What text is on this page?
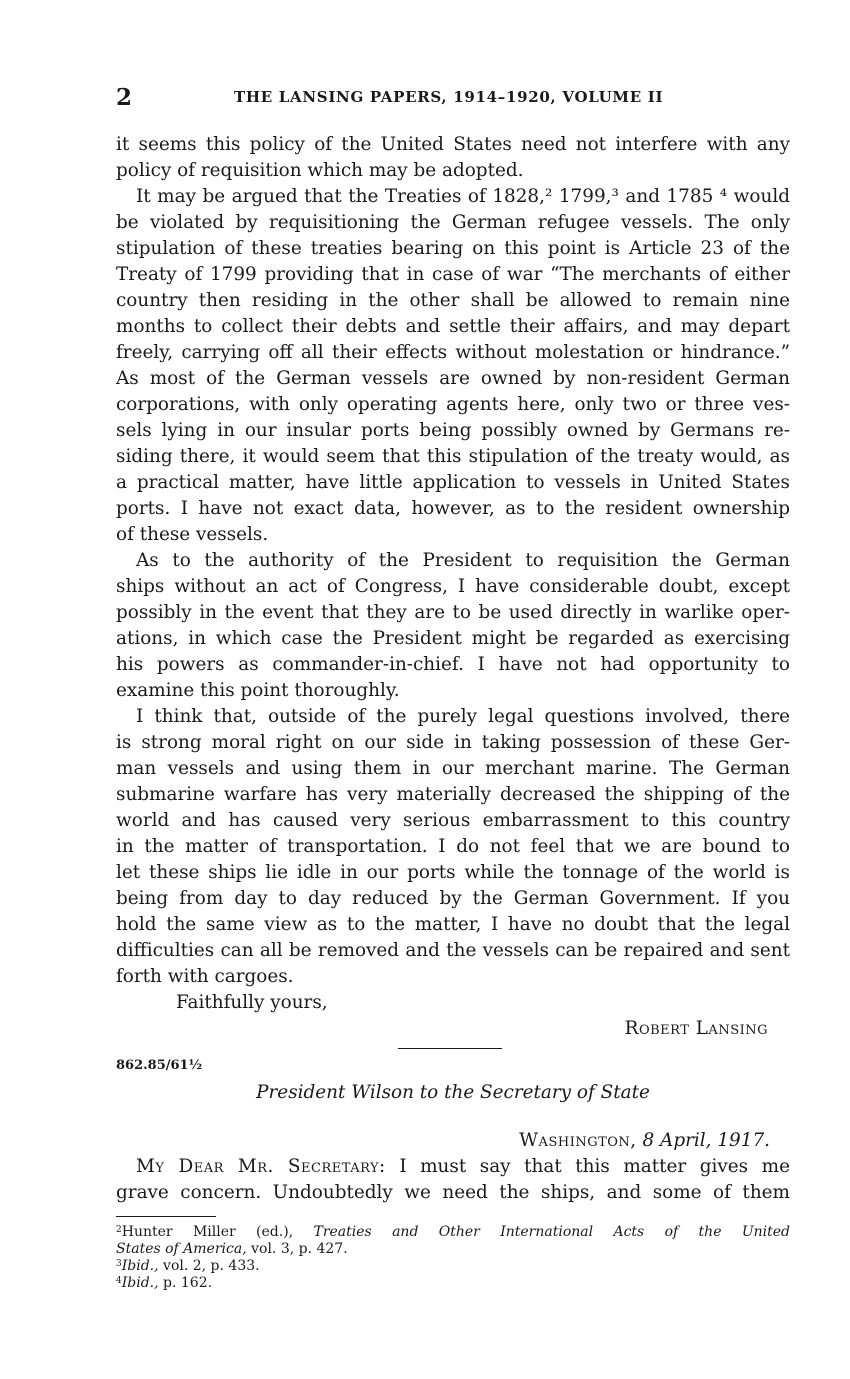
2	THE LANSING PAPERS, 1914–1920, VOLUME II
it seems this policy of the United States need not interfere with any
policy of requisition which may be adopted.
It may be argued that the Treaties of 1828,² 1799,³ and 1785 ⁴ would
be violated by requisitioning the German refugee vessels. The only
stipulation of these treaties bearing on this point is Article 23 of the
Treaty of 1799 providing that in case of war “The merchants of either
country then residing in the other shall be allowed to remain nine
months to collect their debts and settle their affairs, and may depart
freely, carrying off all their effects without molestation or hindrance.”
As most of the German vessels are owned by non-resident German
corporations, with only operating agents here, only two or three ves-
sels lying in our insular ports being possibly owned by Germans re-
siding there, it would seem that this stipulation of the treaty would, as
a practical matter, have little application to vessels in United States
ports. I have not exact data, however, as to the resident ownership
of these vessels.
As to the authority of the President to requisition the German
ships without an act of Congress, I have considerable doubt, except
possibly in the event that they are to be used directly in warlike oper-
ations, in which case the President might be regarded as exercising
his powers as commander-in-chief. I have not had opportunity to
examine this point thoroughly.
I think that, outside of the purely legal questions involved, there
is strong moral right on our side in taking possession of these Ger-
man vessels and using them in our merchant marine. The German
submarine warfare has very materially decreased the shipping of the
world and has caused very serious embarrassment to this country
in the matter of transportation. I do not feel that we are bound to
let these ships lie idle in our ports while the tonnage of the world is
being from day to day reduced by the German Government. If you
hold the same view as to the matter, I have no doubt that the legal
difficulties can all be removed and the vessels can be repaired and sent
forth with cargoes.
Faithfully yours,
Robert Lansing
862.85/61½
President Wilson to the Secretary of State
Washington, 8 April, 1917.
My Dear Mr. Secretary: I must say that this matter gives me
grave concern. Undoubtedly we need the ships, and some of them
$^2$Hunter Miller (ed.), Treaties and Other International Acts of the United
States of America, vol. 3, p. 427.
$^3$Ibid., vol. 2, p. 433.
$^4$Ibid., p. 162.
